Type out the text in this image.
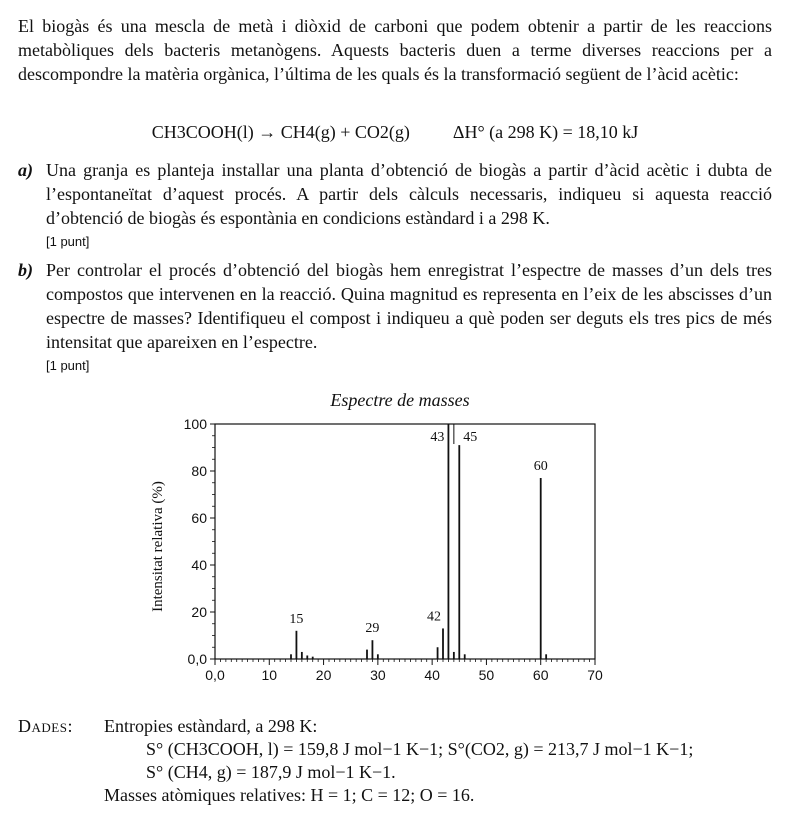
El biogàs és una mescla de metà i diòxid de carboni que podem obtenir a partir de les reaccions metabòliques dels bacteris metanògens. Aquests bacteris duen a terme diverses reaccions per a descompondre la matèria orgànica, l’última de les quals és la transformació següent de l’àcid acètic:
CH3COOH(l) → CH4(g) + CO2(g) ΔH° (a 298 K) = 18,10 kJ
a) Una granja es planteja installar una planta d’obtenció de biogàs a partir d’àcid acètic i dubta de l’espontaneïtat d’aquest procés. A partir dels càlculs necessaris, indiqueu si aquesta reacció d’obtenció de biogàs és espontània en condicions estàndard i a 298 K.
[1 punt]
b) Per controlar el procés d’obtenció del biogàs hem enregistrat l’espectre de masses d’un dels tres compostos que intervenen en la reacció. Quina magnitud es representa en l’eix de les abscisses d’un espectre de masses? Identifiqueu el compost i indiqueu a què poden ser deguts els tres pics de més intensitat que apareixen en l’espectre.
[1 punt]
Espectre de masses
0,0
20
40
60
80
100
0,0	10	20	30	40	50	60	70
Intensitat relativa (%)
15
29
42
43 45
60
Dades: Entropies estàndard, a 298 K:
S° (CH3COOH, l) = 159,8 J mol−1 K−1; S°(CO2, g) = 213,7 J mol−1 K−1;
S° (CH4, g) = 187,9 J mol−1 K−1.
Masses atòmiques relatives: H = 1; C = 12; O = 16.
